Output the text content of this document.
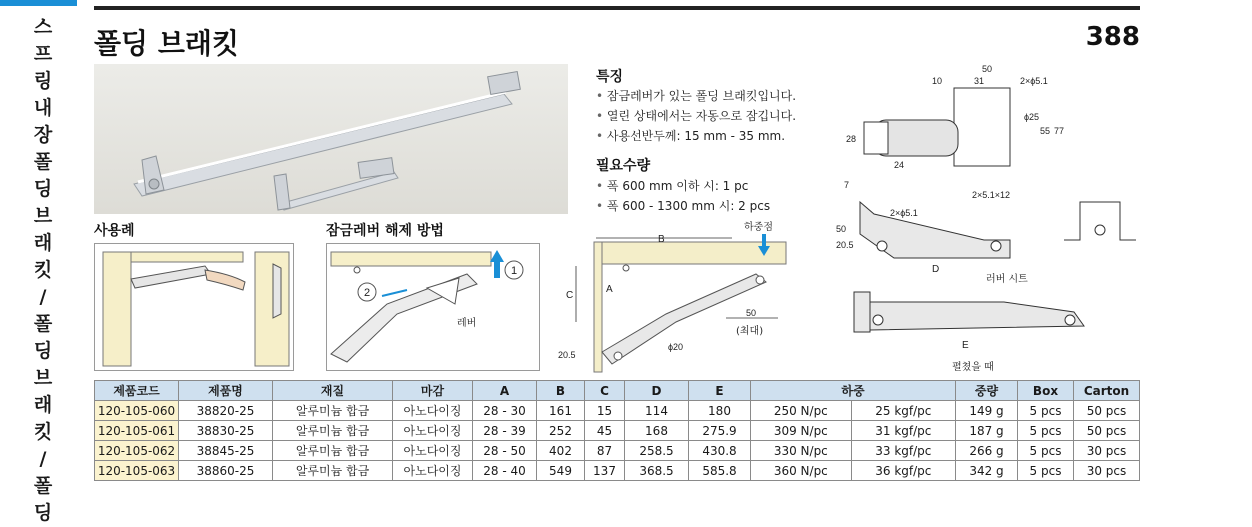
스프링 내장 폴딩 브래킷 / 폴딩 브래킷 / 폴딩
폴딩 브래킷	388
사용례	잠금레버 해제 방법
1
2
레버
특징
• 잠금레버가 있는 폴딩 브래킷입니다.
• 열린 상태에서는 자동으로 잠깁니다.
• 사용선반두께: 15 mm - 35 mm.
필요수량
• 폭 600 mm 이하 시: 1 pc
• 폭 600 - 1300 mm 시: 2 pcs
B
하중점
A
C
20.5
ϕ20
50
(최대)
50
10	31	2×ϕ5.1
ϕ25
55 77
28
24
2×5.1×12
7
2×ϕ5.1
50
20.5
D
러버 시트
E
펼쳤을 때
제품코드	제품명	재질	마감	A	B	C	D	E	하중		중량	Box	Carton
120-105-060	38820-25	알루미늄 합금	아노다이징	28 - 30	161	15	114	180	250 N/pc	25 kgf/pc	149 g	5 pcs	50 pcs
120-105-061	38830-25	알루미늄 합금	아노다이징	28 - 39	252	45	168	275.9	309 N/pc	31 kgf/pc	187 g	5 pcs	50 pcs
120-105-062	38845-25	알루미늄 합금	아노다이징	28 - 50	402	87	258.5	430.8	330 N/pc	33 kgf/pc	266 g	5 pcs	30 pcs
120-105-063	38860-25	알루미늄 합금	아노다이징	28 - 40	549	137	368.5	585.8	360 N/pc	36 kgf/pc	342 g	5 pcs	30 pcs
